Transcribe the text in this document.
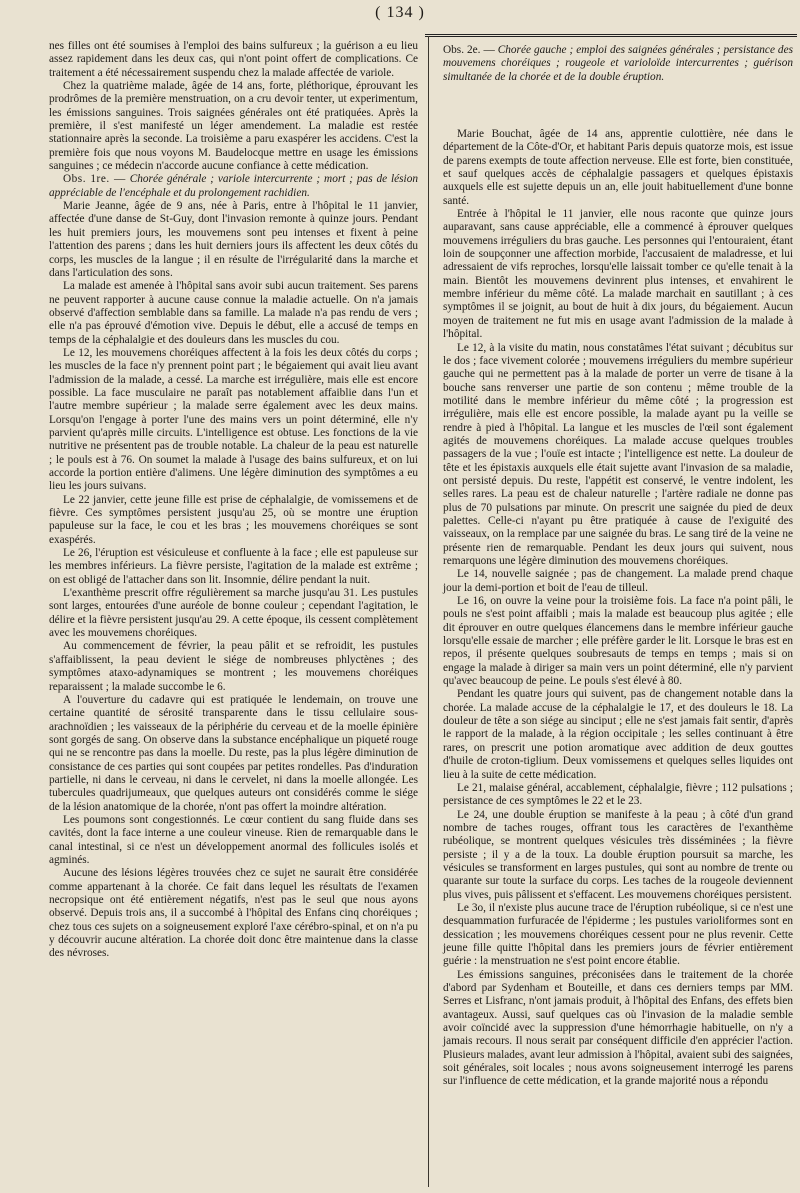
( 134 )

nes filles ont été soumises à l'emploi des bains sulfureux ; la guérison a eu lieu assez rapidement dans les deux cas, qui n'ont point offert de complications. Ce traitement a été nécessairement suspendu chez la malade affectée de variole.

Chez la quatrième malade, âgée de 14 ans, forte, pléthorique, éprouvant les prodrômes de la première menstruation, on a cru devoir tenter, ut experimentum, les émissions sanguines. Trois saignées générales ont été pratiquées. Après la première, il s'est manifesté un léger amendement. La maladie est restée stationnaire après la seconde. La troisième a paru exaspérer les accidens. C'est la première fois que nous voyons M. Baudelocque mettre en usage les émissions sanguines ; ce médecin n'accorde aucune confiance à cette médication.

Obs. 1re. — Chorée générale ; variole intercurrente ; mort ; pas de lésion appréciable de l'encéphale et du prolongement rachidien.

Marie Jeanne, âgée de 9 ans, née à Paris, entre à l'hôpital le 11 janvier, affectée d'une danse de St-Guy, dont l'invasion remonte à quinze jours. Pendant les huit premiers jours, les mouvemens sont peu intenses et fixent à peine l'attention des parens ; dans les huit derniers jours ils affectent les deux côtés du corps, les muscles de la langue ; il en résulte de l'irrégularité dans la marche et dans l'articulation des sons.

La malade est amenée à l'hôpital sans avoir subi aucun traitement. Ses parens ne peuvent rapporter à aucune cause connue la maladie actuelle. On n'a jamais observé d'affection semblable dans sa famille. La malade n'a pas rendu de vers ; elle n'a pas éprouvé d'émotion vive. Depuis le début, elle a accusé de temps en temps de la céphalalgie et des douleurs dans les muscles du cou.

Le 12, les mouvemens choréiques affectent à la fois les deux côtés du corps ; les muscles de la face n'y prennent point part ; le bégaiement qui avait lieu avant l'admission de la malade, a cessé. La marche est irrégulière, mais elle est encore possible. La face musculaire ne paraît pas notablement affaiblie dans l'un et l'autre membre supérieur ; la malade serre également avec les deux mains. Lorsqu'on l'engage à porter l'une des mains vers un point déterminé, elle n'y parvient qu'après mille circuits. L'intelligence est obtuse. Les fonctions de la vie nutritive ne présentent pas de trouble notable. La chaleur de la peau est naturelle ; le pouls est à 76. On soumet la malade à l'usage des bains sulfureux, et on lui accorde la portion entière d'alimens. Une légère diminution des symptômes a eu lieu les jours suivans.

Le 22 janvier, cette jeune fille est prise de céphalalgie, de vomissemens et de fièvre. Ces symptômes persistent jusqu'au 25, où se montre une éruption papuleuse sur la face, le cou et les bras ; les mouvemens choréiques se sont exaspérés.

Le 26, l'éruption est vésiculeuse et confluente à la face ; elle est papuleuse sur les membres inférieurs. La fièvre persiste, l'agitation de la malade est extrême ; on est obligé de l'attacher dans son lit. Insomnie, délire pendant la nuit.

L'exanthème prescrit offre régulièrement sa marche jusqu'au 31. Les pustules sont larges, entourées d'une auréole de bonne couleur ; cependant l'agitation, le délire et la fièvre persistent jusqu'au 29. A cette époque, ils cessent complètement avec les mouvemens choréiques.

Au commencement de février, la peau pâlit et se refroidit, les pustules s'affaiblissent, la peau devient le siége de nombreuses phlyctènes ; des symptômes ataxo-adynamiques se montrent ; les mouvemens choréiques reparaissent ; la malade succombe le 6.

A l'ouverture du cadavre qui est pratiquée le lendemain, on trouve une certaine quantité de sérosité transparente dans le tissu cellulaire sous-arachnoïdien ; les vaisseaux de la périphérie du cerveau et de la moelle épinière sont gorgés de sang. On observe dans la substance encéphalique un piqueté rouge qui ne se rencontre pas dans la moelle. Du reste, pas la plus légère diminution de consistance de ces parties qui sont coupées par petites rondelles. Pas d'induration partielle, ni dans le cerveau, ni dans le cervelet, ni dans la moelle allongée. Les tubercules quadrijumeaux, que quelques auteurs ont considérés comme le siége de la lésion anatomique de la chorée, n'ont pas offert la moindre altération.

Les poumons sont congestionnés. Le cœur contient du sang fluide dans ses cavités, dont la face interne a une couleur vineuse. Rien de remarquable dans le canal intestinal, si ce n'est un développement anormal des follicules isolés et agminés.

Aucune des lésions légères trouvées chez ce sujet ne saurait être considérée comme appartenant à la chorée. Ce fait dans lequel les résultats de l'examen necropsique ont été entièrement négatifs, n'est pas le seul que nous ayons observé. Depuis trois ans, il a succombé à l'hôpital des Enfans cinq choréiques ; chez tous ces sujets on a soigneusement exploré l'axe cérébro-spinal, et on n'a pu y découvrir aucune altération. La chorée doit donc être maintenue dans la classe des névroses.

Obs. 2e. — Chorée gauche ; emploi des saignées générales ; persistance des mouvemens choréiques ; rougeole et varioloïde intercurrentes ; guérison simultanée de la chorée et de la double éruption.

Marie Bouchat, âgée de 14 ans, apprentie culottière, née dans le département de la Côte-d'Or, et habitant Paris depuis quatorze mois, est issue de parens exempts de toute affection nerveuse. Elle est forte, bien constituée, et sauf quelques accès de céphalalgie passagers et quelques épistaxis auxquels elle est sujette depuis un an, elle jouit habituellement d'une bonne santé.

Entrée à l'hôpital le 11 janvier, elle nous raconte que quinze jours auparavant, sans cause appréciable, elle a commencé à éprouver quelques mouvemens irréguliers du bras gauche. Les personnes qui l'entouraient, étant loin de soupçonner une affection morbide, l'accusaient de maladresse, et lui adressaient de vifs reproches, lorsqu'elle laissait tomber ce qu'elle tenait à la main. Bientôt les mouvemens devinrent plus intenses, et envahirent le membre inférieur du même côté. La malade marchait en sautillant ; à ces symptômes il se joignit, au bout de huit à dix jours, du bégaiement. Aucun moyen de traitement ne fut mis en usage avant l'admission de la malade à l'hôpital.

Le 12, à la visite du matin, nous constatâmes l'état suivant ; décubitus sur le dos ; face vivement colorée ; mouvemens irréguliers du membre supérieur gauche qui ne permettent pas à la malade de porter un verre de tisane à la bouche sans renverser une partie de son contenu ; même trouble de la motilité dans le membre inférieur du même côté ; la progression est irrégulière, mais elle est encore possible, la malade ayant pu la veille se rendre à pied à l'hôpital. La langue et les muscles de l'œil sont également agités de mouvemens choréiques. La malade accuse quelques troubles passagers de la vue ; l'ouïe est intacte ; l'intelligence est nette. La douleur de tête et les épistaxis auxquels elle était sujette avant l'invasion de sa maladie, ont persisté depuis. Du reste, l'appétit est conservé, le ventre indolent, les selles rares. La peau est de chaleur naturelle ; l'artère radiale ne donne pas plus de 70 pulsations par minute. On prescrit une saignée du pied de deux palettes. Celle-ci n'ayant pu être pratiquée à cause de l'exiguité des vaisseaux, on la remplace par une saignée du bras. Le sang tiré de la veine ne présente rien de remarquable. Pendant les deux jours qui suivent, nous remarquons une légère diminution des mouvemens choréiques.

Le 14, nouvelle saignée ; pas de changement. La malade prend chaque jour la demi-portion et boit de l'eau de tilleul.

Le 16, on ouvre la veine pour la troisième fois. La face n'a point pâli, le pouls ne s'est point affaibli ; mais la malade est beaucoup plus agitée ; elle dit éprouver en outre quelques élancemens dans le membre inférieur gauche lorsqu'elle essaie de marcher ; elle préfère garder le lit. Lorsque le bras est en repos, il présente quelques soubresauts de temps en temps ; mais si on engage la malade à diriger sa main vers un point déterminé, elle n'y parvient qu'avec beaucoup de peine. Le pouls s'est élevé à 80.

Pendant les quatre jours qui suivent, pas de changement notable dans la chorée. La malade accuse de la céphalalgie le 17, et des douleurs le 18. La douleur de tête a son siége au sinciput ; elle ne s'est jamais fait sentir, d'après le rapport de la malade, à la région occipitale ; les selles continuant à être rares, on prescrit une potion aromatique avec addition de deux gouttes d'huile de croton-tiglium. Deux vomissemens et quelques selles liquides ont lieu à la suite de cette médication.

Le 21, malaise général, accablement, céphalalgie, fièvre ; 112 pulsations ; persistance de ces symptômes le 22 et le 23.

Le 24, une double éruption se manifeste à la peau ; à côté d'un grand nombre de taches rouges, offrant tous les caractères de l'exanthème rubéolique, se montrent quelques vésicules très disséminées ; la fièvre persiste ; il y a de la toux. La double éruption poursuit sa marche, les vésicules se transforment en larges pustules, qui sont au nombre de trente ou quarante sur toute la surface du corps. Les taches de la rougeole deviennent plus vives, puis pâlissent et s'effacent. Les mouvemens choréiques persistent.

Le 3o, il n'existe plus aucune trace de l'éruption rubéolique, si ce n'est une desquammation furfuracée de l'épiderme ; les pustules varioliformes sont en dessication ; les mouvemens choréiques cessent pour ne plus revenir. Cette jeune fille quitte l'hôpital dans les premiers jours de février entièrement guérie : la menstruation ne s'est point encore établie.

Les émissions sanguines, préconisées dans le traitement de la chorée d'abord par Sydenham et Bouteille, et dans ces derniers temps par MM. Serres et Lisfranc, n'ont jamais produit, à l'hôpital des Enfans, des effets bien avantageux. Aussi, sauf quelques cas où l'invasion de la maladie semble avoir coïncidé avec la suppression d'une hémorrhagie habituelle, on n'y a jamais recours. Il nous serait par conséquent difficile d'en apprécier l'action. Plusieurs malades, avant leur admission à l'hôpital, avaient subi des saignées, soit générales, soit locales ; nous avons soigneusement interrogé les parens sur l'influence de cette médication, et la grande majorité nous a répondu
